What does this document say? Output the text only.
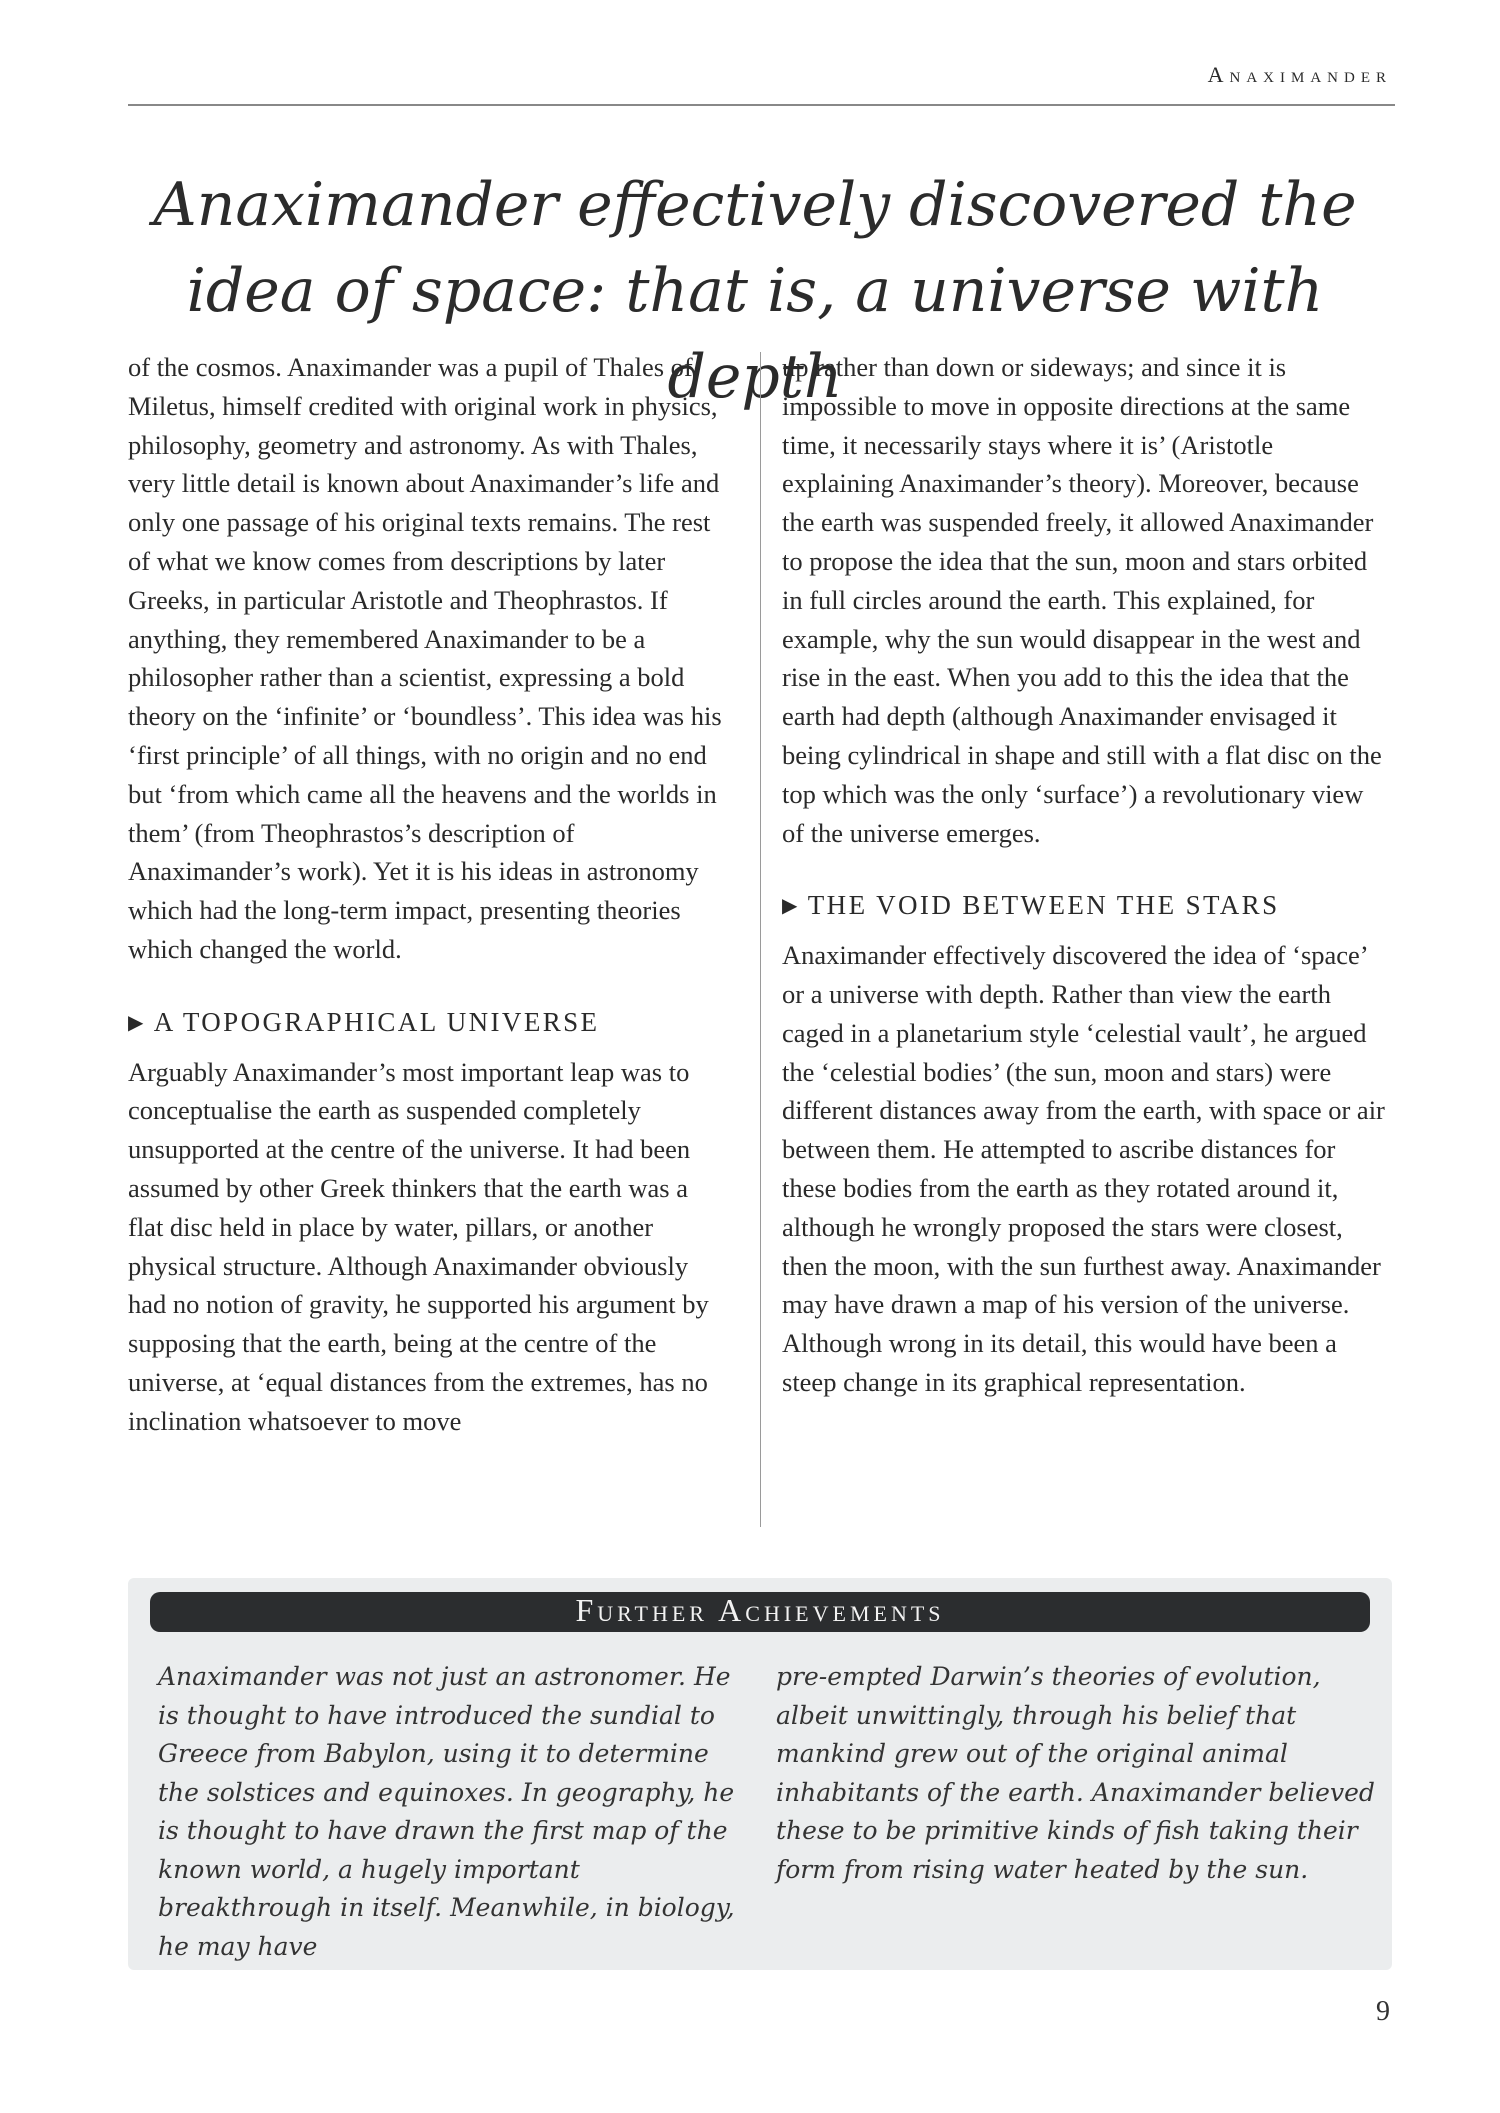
Anaximander
Anaximander effectively discovered the idea of space: that is, a universe with depth

of the cosmos. Anaximander was a pupil of Thales of Miletus, himself credited with original work in physics, philosophy, geometry and astronomy. As with Thales, very little detail is known about Anaximander’s life and only one passage of his original texts remains. The rest of what we know comes from descriptions by later Greeks, in particular Aristotle and Theophrastos. If anything, they remembered Anaximander to be a philosopher rather than a scientist, expressing a bold theory on the ‘infinite’ or ‘boundless’. This idea was his ‘first principle’ of all things, with no origin and no end but ‘from which came all the heavens and the worlds in them’ (from Theophrastos’s description of Anaximander’s work). Yet it is his ideas in astronomy which had the long-term impact, presenting theories which changed the world.

▶ A TOPOGRAPHICAL UNIVERSE

Arguably Anaximander’s most important leap was to conceptualise the earth as suspended completely unsupported at the centre of the universe. It had been assumed by other Greek thinkers that the earth was a flat disc held in place by water, pillars, or another physical structure. Although Anaximander obviously had no notion of gravity, he supported his argument by supposing that the earth, being at the centre of the universe, at ‘equal distances from the extremes, has no inclination whatsoever to move

up rather than down or sideways; and since it is impossible to move in opposite directions at the same time, it necessarily stays where it is’ (Aristotle explaining Anaximander’s theory). Moreover, because the earth was suspended freely, it allowed Anaximander to propose the idea that the sun, moon and stars orbited in full circles around the earth. This explained, for example, why the sun would disappear in the west and rise in the east. When you add to this the idea that the earth had depth (although Anaximander envisaged it being cylindrical in shape and still with a flat disc on the top which was the only ‘surface’) a revolutionary view of the universe emerges.

▶ THE VOID BETWEEN THE STARS

Anaximander effectively discovered the idea of ‘space’ or a universe with depth. Rather than view the earth caged in a planetarium style ‘celestial vault’, he argued the ‘celestial bodies’ (the sun, moon and stars) were different distances away from the earth, with space or air between them. He attempted to ascribe distances for these bodies from the earth as they rotated around it, although he wrongly proposed the stars were closest, then the moon, with the sun furthest away. Anaximander may have drawn a map of his version of the universe. Although wrong in its detail, this would have been a steep change in its graphical representation.

Further Achievements

Anaximander was not just an astronomer. He is thought to have introduced the sundial to Greece from Babylon, using it to determine the solstices and equinoxes. In geography, he is thought to have drawn the first map of the known world, a hugely important breakthrough in itself. Meanwhile, in biology, he may have

pre-empted Darwin’s theories of evolution, albeit unwittingly, through his belief that mankind grew out of the original animal inhabitants of the earth. Anaximander believed these to be primitive kinds of fish taking their form from rising water heated by the sun.

9
